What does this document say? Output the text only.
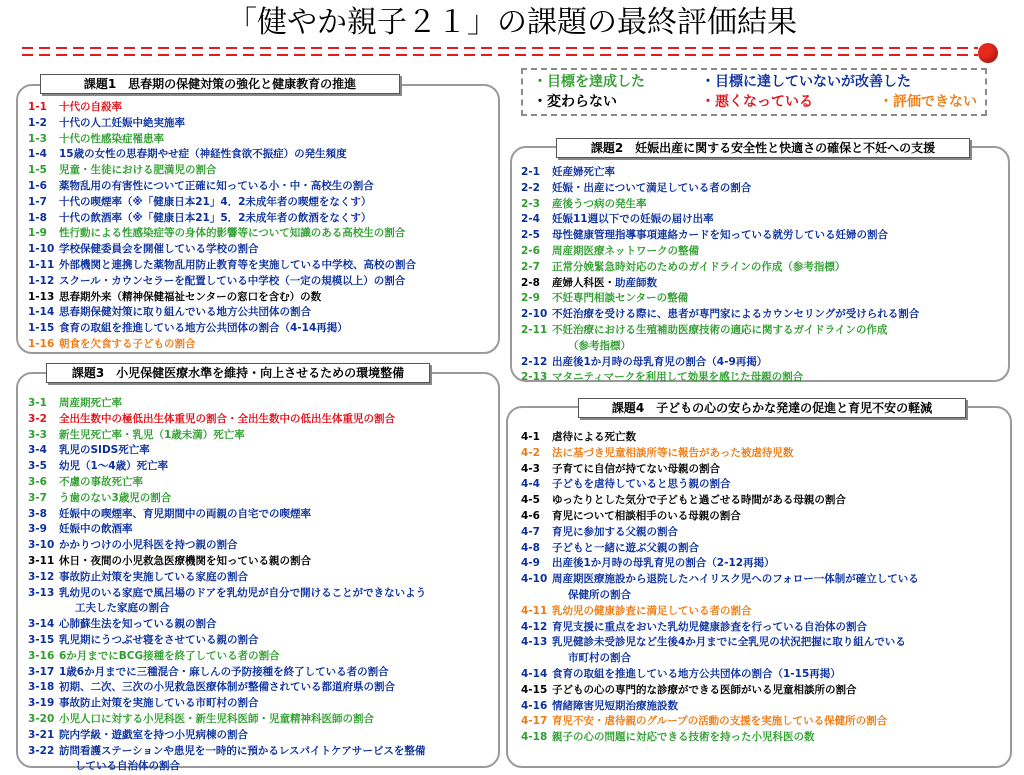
「健やか親子２１」の課題の最終評価結果
・目標を達成した	・目標に達していないが改善した
・変わらない	・悪くなっている	・評価できない
1-1	十代の自殺率
1-2	十代の人工妊娠中絶実施率
1-3	十代の性感染症罹患率
1-4	15歳の女性の思春期やせ症（神経性食欲不振症）の発生頻度
1-5	児童・生徒における肥満児の割合
1-6	薬物乱用の有害性について正確に知っている小・中・高校生の割合
1-7	十代の喫煙率（※「健康日本21」4．2未成年者の喫煙をなくす）
1-8	十代の飲酒率（※「健康日本21」5．2未成年者の飲酒をなくす）
1-9	性行動による性感染症等の身体的影響等について知識のある高校生の割合
1-10 学校保健委員会を開催している学校の割合
1-11 外部機関と連携した薬物乱用防止教育等を実施している中学校、高校の割合
1-12 スクール・カウンセラーを配置している中学校（一定の規模以上）の割合
1-13 思春期外来（精神保健福祉センターの窓口を含む）の数
1-14 思春期保健対策に取り組んでいる地方公共団体の割合
1-15 食育の取組を推進している地方公共団体の割合（4-14再掲）
1-16 朝食を欠食する子どもの割合
課題1　思春期の保健対策の強化と健康教育の推進
2-1	妊産婦死亡率
2-2	妊娠・出産について満足している者の割合
2-3	産後うつ病の発生率
2-4	妊娠11週以下での妊娠の届け出率
2-5	母性健康管理指導事項連絡カードを知っている就労している妊婦の割合
2-6	周産期医療ネットワークの整備
2-7	正常分娩緊急時対応のためのガイドラインの作成（参考指標）
2-8	産婦人科医・助産師数
2-9	不妊専門相談センターの整備
2-10 不妊治療を受ける際に、患者が専門家によるカウンセリングが受けられる割合
2-11 不妊治療における生殖補助医療技術の適応に関するガイドラインの作成
（参考指標）
2-12 出産後1か月時の母乳育児の割合（4-9再掲）
2-13 マタニティマークを利用して効果を感じた母親の割合
課題2　妊娠出産に関する安全性と快適さの確保と不妊への支援
3-1	周産期死亡率
3-2	全出生数中の極低出生体重児の割合・全出生数中の低出生体重児の割合
3-3	新生児死亡率・乳児（1歳未満）死亡率
3-4	乳児のSIDS死亡率
3-5	幼児（1～4歳）死亡率
3-6	不慮の事故死亡率
3-7	う歯のない3歳児の割合
3-8	妊娠中の喫煙率、育児期間中の両親の自宅での喫煙率
3-9	妊娠中の飲酒率
3-10 かかりつけの小児科医を持つ親の割合
3-11 休日・夜間の小児救急医療機関を知っている親の割合
3-12 事故防止対策を実施している家庭の割合
3-13 乳幼児のいる家庭で風呂場のドアを乳幼児が自分で開けることができないよう
工夫した家庭の割合
3-14 心肺蘇生法を知っている親の割合
3-15 乳児期にうつぶせ寝をさせている親の割合
3-16 6か月までにBCG接種を終了している者の割合
3-17 1歳6か月までに三種混合・麻しんの予防接種を終了している者の割合
3-18 初期、二次、三次の小児救急医療体制が整備されている都道府県の割合
3-19 事故防止対策を実施している市町村の割合
3-20 小児人口に対する小児科医・新生児科医師・児童精神科医師の割合
3-21 院内学級・遊戯室を持つ小児病棟の割合
3-22 訪問看護ステーションや患児を一時的に預かるレスパイトケアサービスを整備
している自治体の割合
課題3　小児保健医療水準を維持・向上させるための環境整備
4-1	虐待による死亡数
4-2	法に基づき児童相談所等に報告があった被虐待児数
4-3	子育てに自信が持てない母親の割合
4-4	子どもを虐待していると思う親の割合
4-5	ゆったりとした気分で子どもと過ごせる時間がある母親の割合
4-6	育児について相談相手のいる母親の割合
4-7	育児に参加する父親の割合
4-8	子どもと一緒に遊ぶ父親の割合
4-9	出産後1か月時の母乳育児の割合（2-12再掲）
4-10 周産期医療施設から退院したハイリスク児へのフォロー一体制が確立している
保健所の割合
4-11 乳幼児の健康診査に満足している者の割合
4-12 育児支援に重点をおいた乳幼児健康診査を行っている自治体の割合
4-13 乳児健診未受診児など生後4か月までに全乳児の状況把握に取り組んでいる
市町村の割合
4-14 食育の取組を推進している地方公共団体の割合（1-15再掲）
4-15 子どもの心の専門的な診療ができる医師がいる児童相談所の割合
4-16 情緒障害児短期治療施設数
4-17 育児不安・虐待親のグループの活動の支援を実施している保健所の割合
4-18 親子の心の問題に対応できる技術を持った小児科医の数
課題4　子どもの心の安らかな発達の促進と育児不安の軽減
